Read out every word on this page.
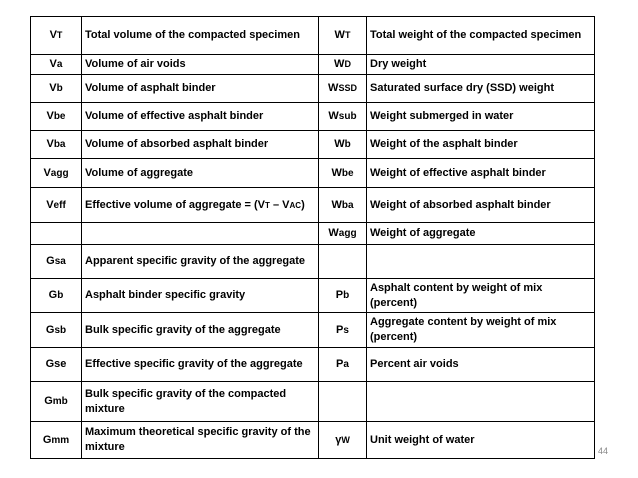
VT	Total volume of the compacted specimen	WT	Total weight of the compacted specimen
Va	Volume of air voids	WD	Dry weight
Vb	Volume of asphalt binder	WSSD	Saturated surface dry (SSD) weight
Vbe	Volume of effective asphalt binder	Wsub	Weight submerged in water
Vba	Volume of absorbed asphalt binder	Wb	Weight of the asphalt binder
Vagg	Volume of aggregate	Wbe	Weight of effective asphalt binder
Veff	Effective volume of aggregate = (VT – VAC)	Wba	Weight of absorbed asphalt binder
		Wagg	Weight of aggregate
Gsa	Apparent specific gravity of the aggregate		
Gb	Asphalt binder specific gravity	Pb	Asphalt content by weight of mix (percent)
Gsb	Bulk specific gravity of the aggregate	Ps	Aggregate content by weight of mix (percent)
Gse	Effective specific gravity of the aggregate	Pa	Percent air voids
Gmb	Bulk specific gravity of the compacted mixture		
Gmm	Maximum theoretical specific gravity of the mixture	γW	Unit weight of water
44
